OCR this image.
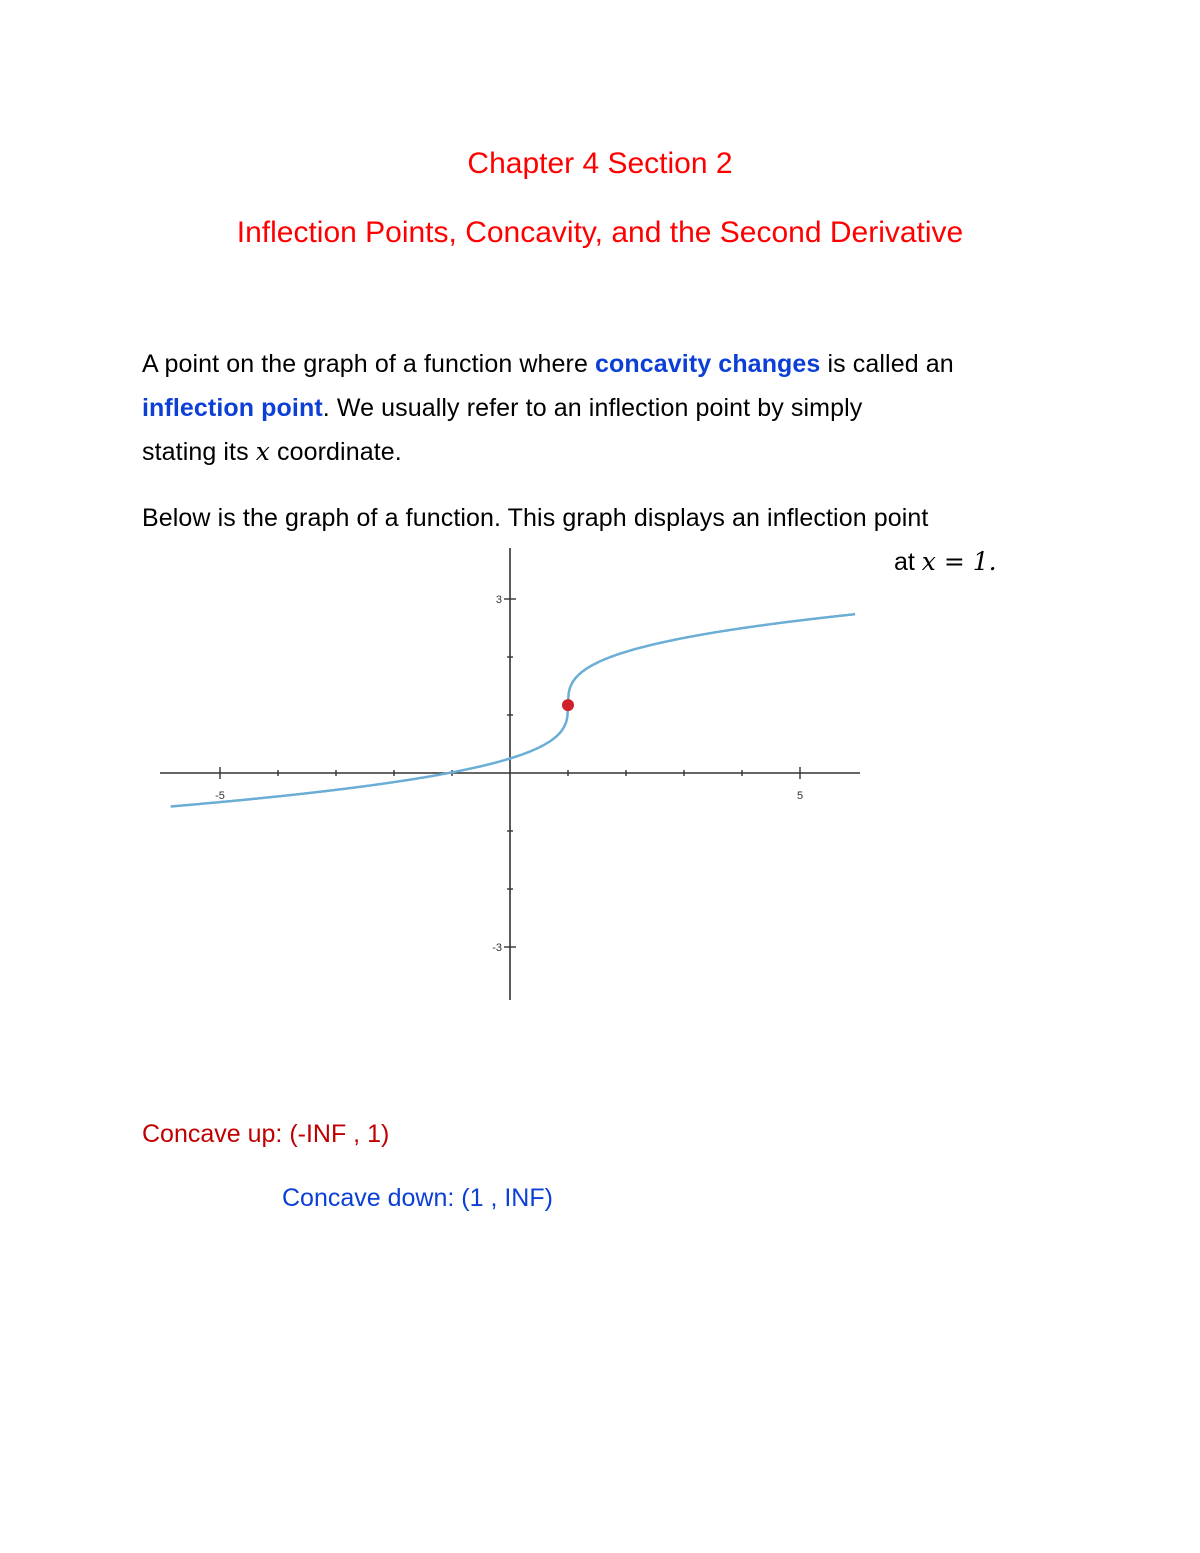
Chapter 4 Section 2
Inflection Points, Concavity, and the Second Derivative
A point on the graph of a function where concavity changes is called an
inflection point. We usually refer to an inflection point by simply
stating its x coordinate.
Below is the graph of a function. This graph displays an inflection point
-5	5
3
-3
at x = 1.
Concave up: (-INF , 1)
Concave down: (1 , INF)
